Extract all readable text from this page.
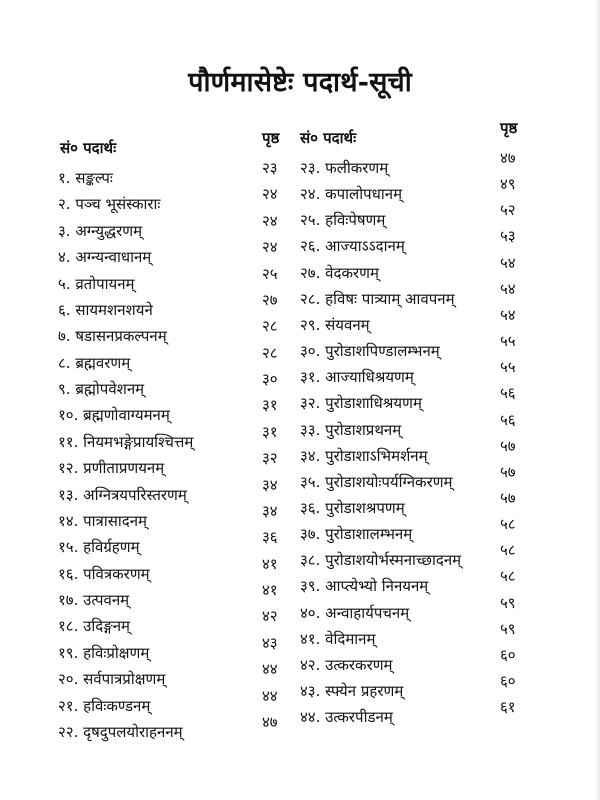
पौर्णमासेष्टेः पदार्थ-सूची
सं० पदार्थः
पृष्ठ सं० पदार्थः
पृष्ठ
१. सङ्कल्पः
२३
२. पञ्च भूसंस्काराः
२४
३. अग्न्युद्धरणम्
२४
४. अग्न्यन्वाधानम्
२४
५. व्रतोपायनम्
२५
६. सायमशनशयने
२७
७. षडासनप्रकल्पनम्
२८
८. ब्रह्मवरणम्
२८
९. ब्रह्मोपवेशनम्
३०
१०. ब्रह्मणोवाग्यमनम्
३१
११. नियमभङ्गेप्रायश्चित्तम्
३१
१२. प्रणीताप्रणयनम्
३२
१३. अग्नित्रयपरिस्तरणम्
३४
१४. पात्रासादनम्
३४
१५. हविर्ग्रहणम्
३६
१६. पवित्रकरणम्
४१
१७. उत्पवनम्
४१
१८. उदिङ्गनम्
४२
१९. हविःप्रोक्षणम्
४३
२०. सर्वपात्रप्रोक्षणम्
४४
२१. हविःकण्डनम्
४४
२२. दृषदुपलयोराहननम्
४७
२३. फलीकरणम्
४७
२४. कपालोपधानम्
४९
२५. हविःपेषणम्
५२
२६. आज्याऽऽदानम्
५३
२७. वेदकरणम्
५४
२८. हविषः पात्र्याम् आवपनम्
५४
२९. संयवनम्
५४
३०. पुरोडाशपिण्डालम्भनम्
५५
३१. आज्याधिश्रयणम्
५५
३२. पुरोडाशाधिश्रयणम्
५६
३३. पुरोडाशप्रथनम्
५६
३४. पुरोडाशाऽभिमर्शनम्
५७
३५. पुरोडाशयोःपर्यग्निकरणम्
५७
३६. पुरोडाशश्रपणम्
५७
३७. पुरोडाशालम्भनम्
५८
३८. पुरोडाशयोर्भस्मनाच्छादनम्
५८
३९. आप्त्येभ्यो निनयनम्
५८
४०. अन्वाहार्यपचनम्
५९
४१. वेदिमानम्
५९
४२. उत्करकरणम्
६०
४३. स्फ्येन प्रहरणम्
६०
४४. उत्करपीडनम्
६१
